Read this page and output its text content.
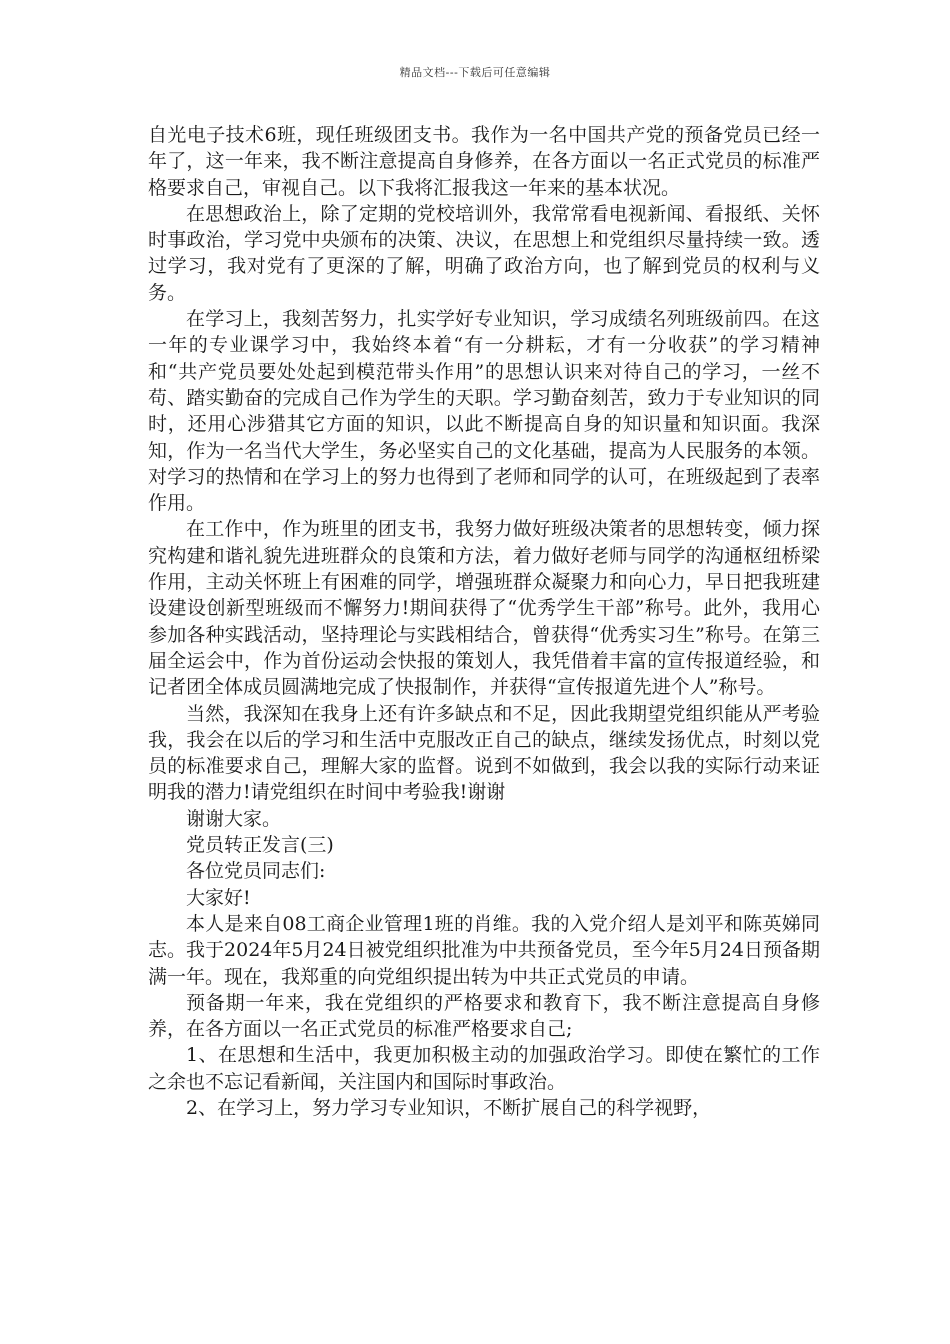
精品文档---下载后可任意编辑

自光电子技术6班，现任班级团支书。我作为一名中国共产党的预备党员已经一年了，这一年来，我不断注意提高自身修养，在各方面以一名正式党员的标准严格要求自己，审视自己。以下我将汇报我这一年来的基本状况。

在思想政治上，除了定期的党校培训外，我常常看电视新闻、看报纸、关怀时事政治，学习党中央颁布的决策、决议，在思想上和党组织尽量持续一致。透过学习，我对党有了更深的了解，明确了政治方向，也了解到党员的权利与义务。

在学习上，我刻苦努力，扎实学好专业知识，学习成绩名列班级前四。在这一年的专业课学习中，我始终本着“有一分耕耘，才有一分收获”的学习精神和“共产党员要处处起到模范带头作用”的思想认识来对待自己的学习，一丝不苟、踏实勤奋的完成自己作为学生的天职。学习勤奋刻苦，致力于专业知识的同时，还用心涉猎其它方面的知识，以此不断提高自身的知识量和知识面。我深知，作为一名当代大学生，务必坚实自己的文化基础，提高为人民服务的本领。对学习的热情和在学习上的努力也得到了老师和同学的认可，在班级起到了表率作用。

在工作中，作为班里的团支书，我努力做好班级决策者的思想转变，倾力探究构建和谐礼貌先进班群众的良策和方法，着力做好老师与同学的沟通枢纽桥梁作用，主动关怀班上有困难的同学，增强班群众凝聚力和向心力，早日把我班建设建设创新型班级而不懈努力!期间获得了“优秀学生干部”称号。此外，我用心参加各种实践活动，坚持理论与实践相结合，曾获得“优秀实习生”称号。在第三届全运会中，作为首份运动会快报的策划人，我凭借着丰富的宣传报道经验，和记者团全体成员圆满地完成了快报制作，并获得“宣传报道先进个人”称号。

当然，我深知在我身上还有许多缺点和不足，因此我期望党组织能从严考验我，我会在以后的学习和生活中克服改正自己的缺点，继续发扬优点，时刻以党员的标准要求自己，理解大家的监督。说到不如做到，我会以我的实际行动来证明我的潜力!请党组织在时间中考验我!谢谢

谢谢大家。

党员转正发言(三)

各位党员同志们:

大家好!

本人是来自08工商企业管理1班的肖维。我的入党介绍人是刘平和陈英娣同志。我于2024年5月24日被党组织批准为中共预备党员，至今年5月24日预备期满一年。现在，我郑重的向党组织提出转为中共正式党员的申请。

预备期一年来，我在党组织的严格要求和教育下，我不断注意提高自身修养，在各方面以一名正式党员的标准严格要求自己;

1、在思想和生活中，我更加积极主动的加强政治学习。即使在繁忙的工作之余也不忘记看新闻，关注国内和国际时事政治。

2、在学习上，努力学习专业知识，不断扩展自己的科学视野，
